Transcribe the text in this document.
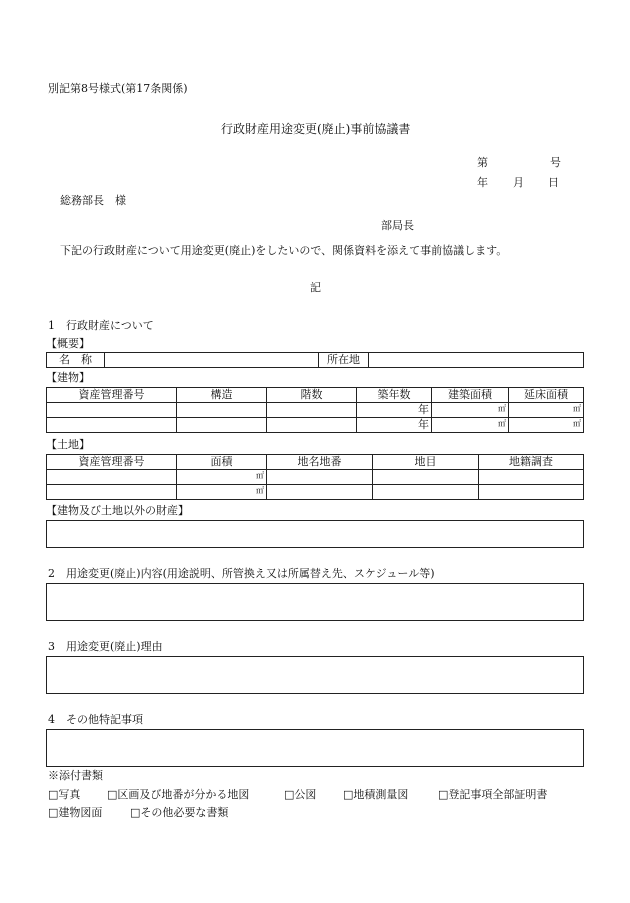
別記第8号様式(第17条関係)
行政財産用途変更(廃止)事前協議書
第	号
年 月 日
総務部長　様
部局長
下記の行政財産について用途変更(廃止)をしたいので、関係資料を添えて事前協議します。
記
1　行政財産について
【概要】
名　称		所在地	
【建物】
資産管理番号	構造	階数	築年数	建築面積	延床面積
			年	㎡	㎡
			年	㎡	㎡
【土地】
資産管理番号	面積	地名地番	地目	地籍調査
	㎡			
	㎡			
【建物及び土地以外の財産】
2　用途変更(廃止)内容(用途説明、所管換え又は所属替え先、スケジュール等)
3　用途変更(廃止)理由
4　その他特記事項
※添付書類
□写真 □区画及び地番が分かる地図	□公図 □地積測量図	□登記事項全部証明書
□建物図面	□その他必要な書類
